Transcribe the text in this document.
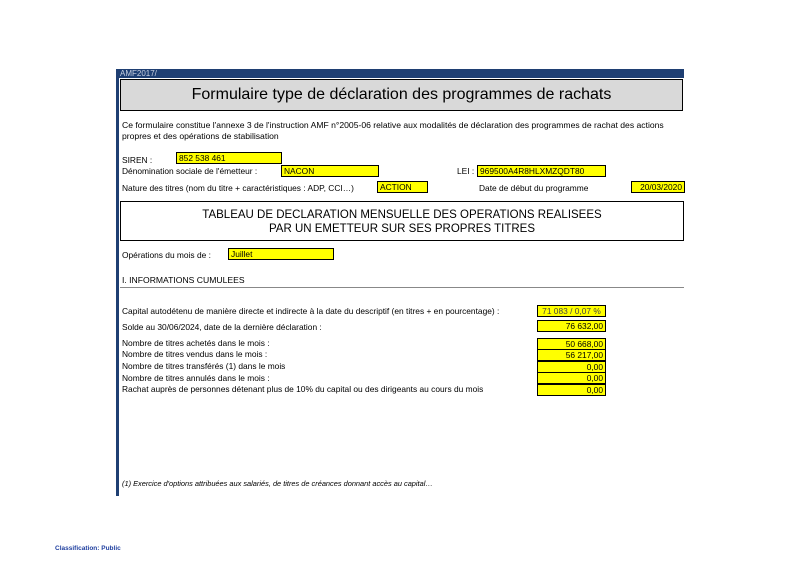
AMF2017/
Formulaire type de déclaration des programmes de rachats
Ce formulaire constitue l'annexe 3 de l'instruction AMF n°2005-06 relative aux modalités de déclaration des programmes de rachat des actions propres et des opérations de stabilisation
SIREN :	852 538 461
Dénomination sociale de l'émetteur :	NACON	LEI : 969500A4R8HLXMZQDT80
Nature des titres (nom du titre + caractéristiques : ADP, CCI…)	ACTION	Date de début du programme	20/03/2020
TABLEAU DE DECLARATION MENSUELLE DES OPERATIONS REALISEES
PAR UN EMETTEUR SUR SES PROPRES TITRES
Opérations du mois de :	Juillet
I. INFORMATIONS CUMULEES
Capital autodétenu de manière directe et indirecte à la date du descriptif (en titres + en pourcentage) :	71 083 / 0,07 %
Solde au 30/06/2024, date de la dernière déclaration :	76 632,00
Nombre de titres achetés dans le mois :	50 668,00
Nombre de titres vendus dans le mois :	56 217,00
Nombre de titres transférés (1) dans le mois	0,00
Nombre de titres annulés dans le mois :	0,00
Rachat auprès de personnes détenant plus de 10% du capital ou des dirigeants au cours du mois	0,00
(1) Exercice d'options attribuées aux salariés, de titres de créances donnant accès au capital…
Classification: Public
